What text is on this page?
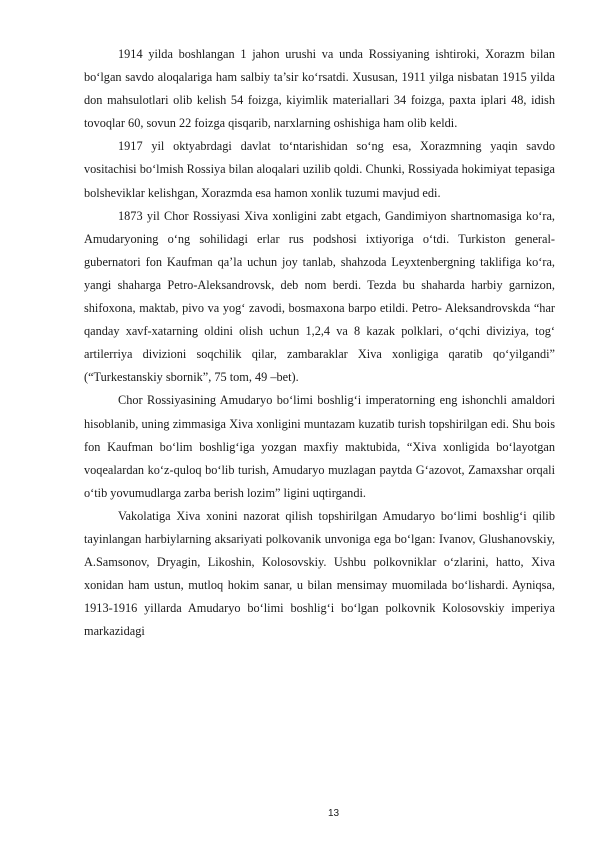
1914 yilda boshlangan 1 jahon urushi va unda Rossiyaning ishtiroki, Xorazm bilan bo‘lgan savdo aloqalariga ham salbiy ta’sir ko‘rsatdi. Xususan, 1911 yilga nisbatan 1915 yilda don mahsulotlari olib kelish 54 foizga, kiyimlik materiallari 34 foizga, paxta iplari 48, idish tovoqlar 60, sovun 22 foizga qisqarib, narxlarning oshishiga ham olib keldi.

1917 yil oktyabrdagi davlat to‘ntarishidan so‘ng esa, Xorazmning yaqin savdo vositachisi bo‘lmish Rossiya bilan aloqalari uzilib qoldi. Chunki, Rossiyada hokimiyat tepasiga bolsheviklar kelishgan, Xorazmda esa hamon xonlik tuzumi mavjud edi.

1873 yil Chor Rossiyasi Xiva xonligini zabt etgach, Gandimiyon shartnomasiga ko‘ra, Amudaryoning o‘ng sohilidagi erlar rus podshosi ixtiyoriga o‘tdi. Turkiston general- gubernatori fon Kaufman qa’la uchun joy tanlab, shahzoda Leyxtenbergning taklifiga ko‘ra, yangi shaharga Petro-Aleksandrovsk, deb nom berdi. Tezda bu shaharda harbiy garnizon, shifoxona, maktab, pivo va yog‘ zavodi, bosmaxona barpo etildi. Petro- Aleksandrovskda “har qanday xavf-xatarning oldini olish uchun 1,2,4 va 8 kazak polklari, o‘qchi diviziya, tog‘ artilerriya divizioni soqchilik qilar, zambaraklar Xiva xonligiga qaratib qo‘yilgandi” (“Turkestanskiy sbornik”, 75 tom, 49 –bet).

Chor Rossiyasining Amudaryo bo‘limi boshlig‘i imperatorning eng ishonchli amaldori hisoblanib, uning zimmasiga Xiva xonligini muntazam kuzatib turish topshirilgan edi. Shu bois fon Kaufman bo‘lim boshlig‘iga yozgan maxfiy maktubida, “Xiva xonligida bo‘layotgan voqealardan ko‘z-quloq bo‘lib turish, Amudaryo muzlagan paytda G‘azovot, Zamaxshar orqali o‘tib yovumudlarga zarba berish lozim” ligini uqtirgandi.

Vakolatiga Xiva xonini nazorat qilish topshirilgan Amudaryo bo‘limi boshlig‘i qilib tayinlangan harbiylarning aksariyati polkovanik unvoniga ega bo‘lgan: Ivanov, Glushanovskiy, A.Samsonov, Dryagin, Likoshin, Kolosovskiy. Ushbu polkovniklar o‘zlarini, hatto, Xiva xonidan ham ustun, mutloq hokim sanar, u bilan mensimay muomilada bo‘lishardi. Ayniqsa, 1913-1916 yillarda Amudaryo bo‘limi boshlig‘i bo‘lgan polkovnik Kolosovskiy imperiya markazidagi

13
